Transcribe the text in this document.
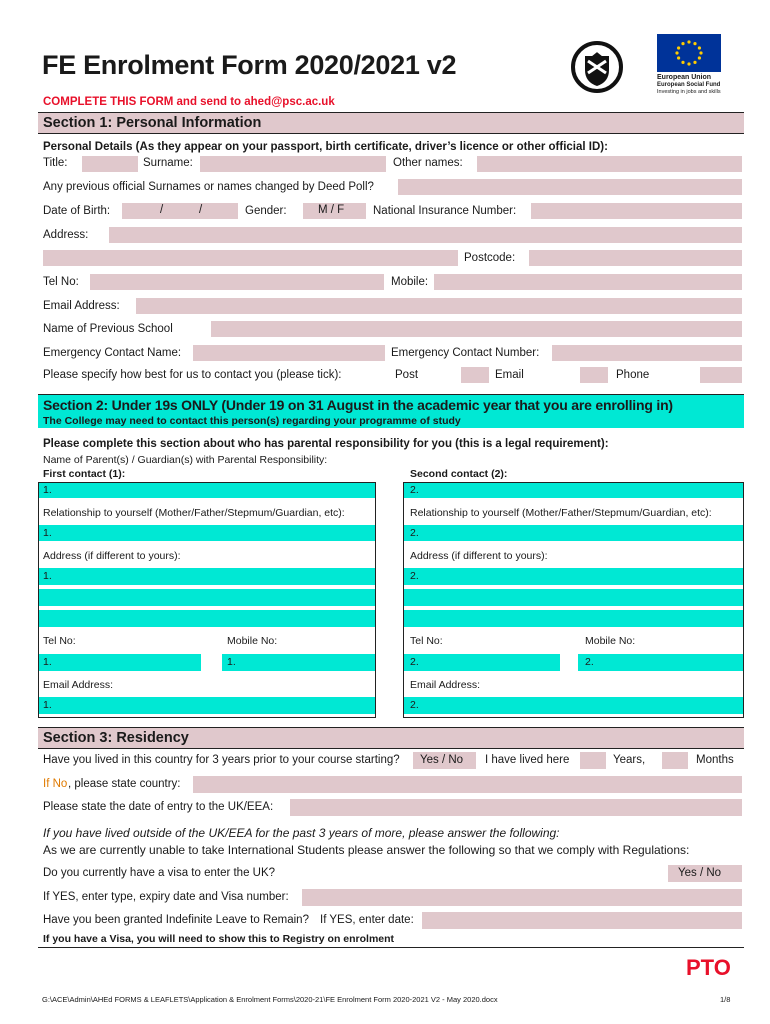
FE Enrolment Form 2020/2021 v2	European Union
European Social Fund
Investing in jobs and skills
COMPLETE THIS FORM and send to ahed@psc.ac.uk
Section 1: Personal Information
Personal Details (As they appear on your passport, birth certificate, driver’s licence or other official ID):
Title:	Surname:	Other names:
Any previous official Surnames or names changed by Deed Poll?
Date of Birth:	/	/	Gender:	M / F	National Insurance Number:
Address:
Postcode:
Tel No:	Mobile:
Email Address:
Name of Previous School
Emergency Contact Name:	Emergency Contact Number:
Please specify how best for us to contact you (please tick):	Post	Email	Phone
Section 2: Under 19s ONLY (Under 19 on 31 August in the academic year that you are enrolling in)
The College may need to contact this person(s) regarding your programme of study
Please complete this section about who has parental responsibility for you (this is a legal requirement):
Name of Parent(s) / Guardian(s) with Parental Responsibility:
First contact (1):	Second contact (2):
1.
Relationship to yourself (Mother/Father/Stepmum/Guardian, etc):
1.
Address (if different to yours):
1.
Tel No:	Mobile No:
1.	1.
Email Address:
1.
2.
Relationship to yourself (Mother/Father/Stepmum/Guardian, etc):
2.
Address (if different to yours):
2.
Tel No:	Mobile No:
2.	2.
Email Address:
2.
Section 3: Residency
Have you lived in this country for 3 years prior to your course starting? Yes / No I have lived here	Years,	Months
If No , please state country:
Please state the date of entry to the UK/EEA:
If you have lived outside of the UK/EEA for the past 3 years of more, please answer the following:
As we are currently unable to take International Students please answer the following so that we comply with Regulations:
Do you currently have a visa to enter the UK?	Yes / No
If YES, enter type, expiry date and Visa number:
Have you been granted Indefinite Leave to Remain? If YES, enter date:
If you have a Visa, you will need to show this to Registry on enrolment
PTO
G:\ACE\Admin\AHEd FORMS & LEAFLETS\Application & Enrolment Forms\2020-21\FE Enrolment Form 2020-2021 V2 - May 2020.docx	1/8
